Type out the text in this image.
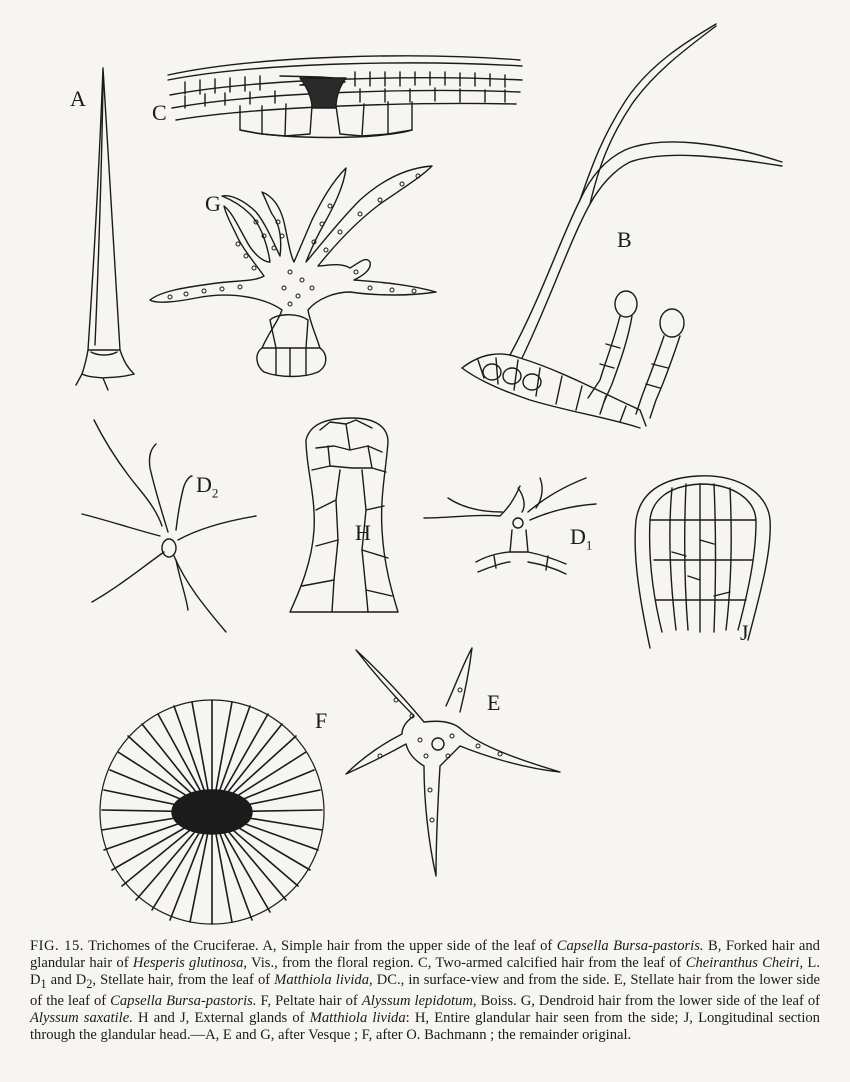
A
C
G
B
$D_2$
H	$D_1$
J
F
E
FIG. 15. Trichomes of the Cruciferae. A, Simple hair from the upper side of the leaf of Capsella Bursa-pastoris. B, Forked hair and glandular hair of Hesperis glutinosa, Vis., from the floral region. C, Two-armed calcified hair from the leaf of Cheiranthus Cheiri, L. $D_1$ and $D_2$, Stellate hair, from the leaf of Matthiola livida, DC., in surface-view and from the side. E, Stellate hair from the lower side of the leaf of Capsella Bursa-pastoris. F, Peltate hair of Alyssum lepidotum, Boiss. G, Dendroid hair from the lower side of the leaf of Alyssum saxatile. H and J, External glands of Matthiola livida: H, Entire glandular hair seen from the side; J, Longitudinal section through the glandular head.—A, E and G, after Vesque ; F, after O. Bachmann ; the remainder original.
